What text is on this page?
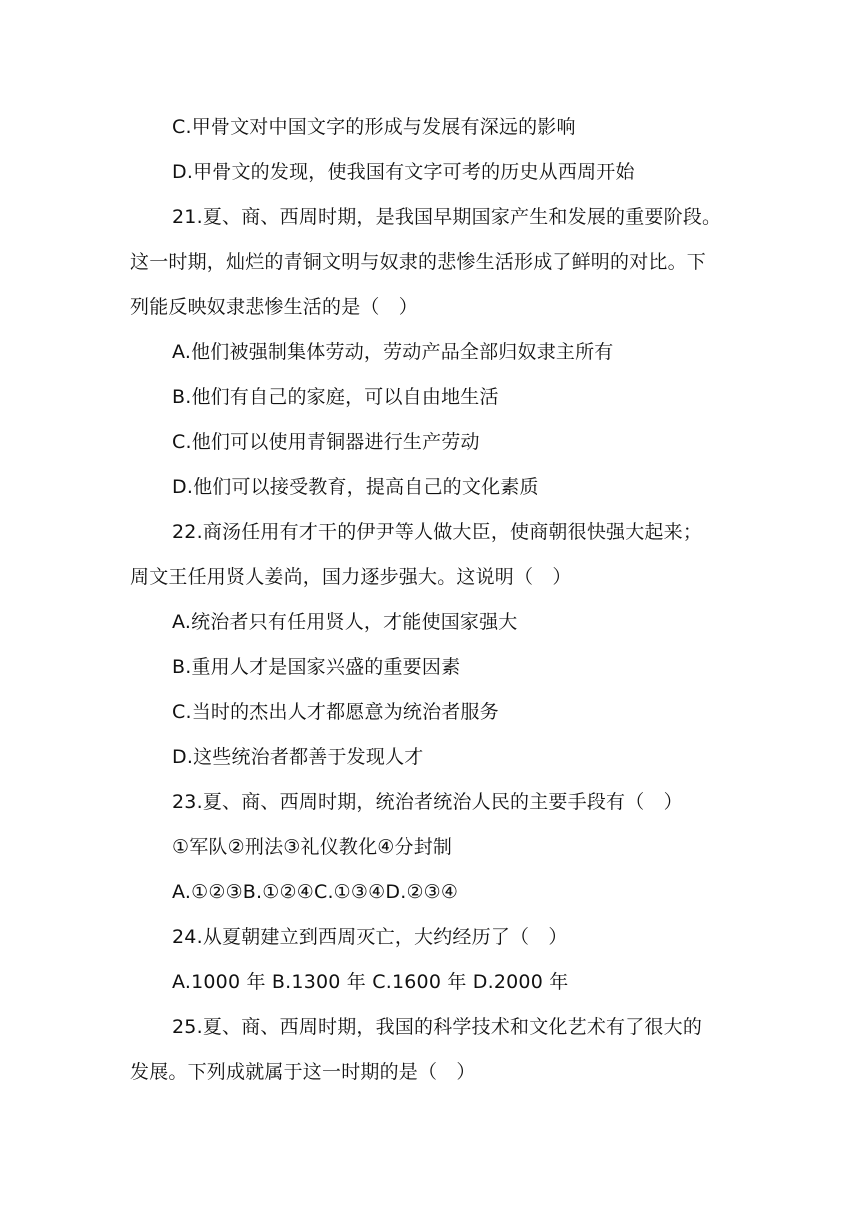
C.甲骨文对中国文字的形成与发展有深远的影响
D.甲骨文的发现，使我国有文字可考的历史从西周开始
21.夏、商、西周时期，是我国早期国家产生和发展的重要阶段。
这一时期，灿烂的青铜文明与奴隶的悲惨生活形成了鲜明的对比。下
列能反映奴隶悲惨生活的是（　）
A.他们被强制集体劳动，劳动产品全部归奴隶主所有
B.他们有自己的家庭，可以自由地生活
C.他们可以使用青铜器进行生产劳动
D.他们可以接受教育，提高自己的文化素质
22.商汤任用有才干的伊尹等人做大臣，使商朝很快强大起来；
周文王任用贤人姜尚，国力逐步强大。这说明（　）
A.统治者只有任用贤人，才能使国家强大
B.重用人才是国家兴盛的重要因素
C.当时的杰出人才都愿意为统治者服务
D.这些统治者都善于发现人才
23.夏、商、西周时期，统治者统治人民的主要手段有（　）
①军队②刑法③礼仪教化④分封制
A.①②③B.①②④C.①③④D.②③④
24.从夏朝建立到西周灭亡，大约经历了（　）
A.1000 年 B.1300 年 C.1600 年 D.2000 年
25.夏、商、西周时期，我国的科学技术和文化艺术有了很大的
发展。下列成就属于这一时期的是（　）
